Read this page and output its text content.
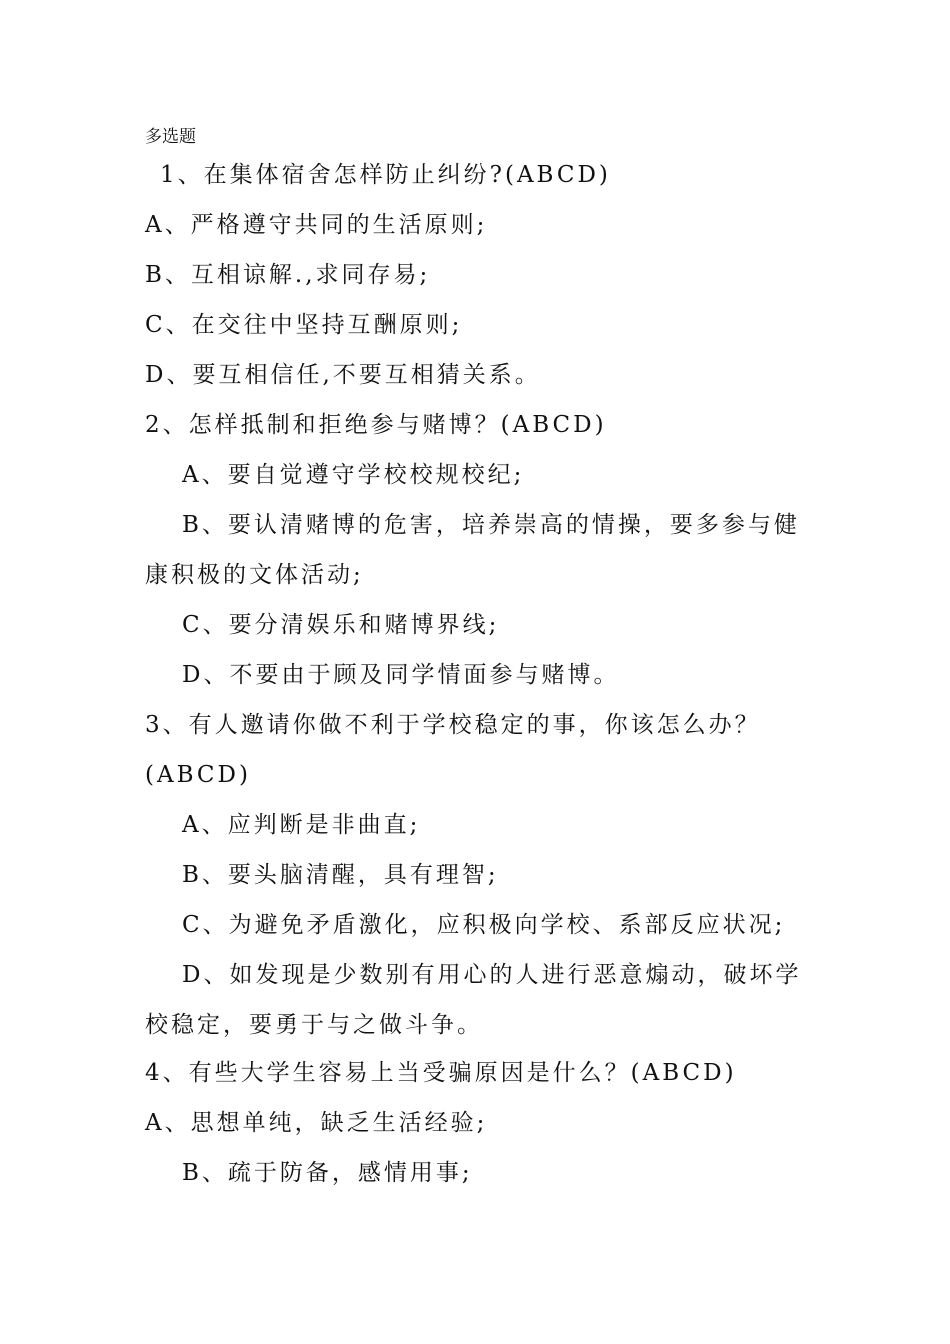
多选题
1、在集体宿舍怎样防止纠纷?(ABCD)
A、严格遵守共同的生活原则;
B、互相谅解.,求同存易;
C、在交往中坚持互酬原则;
D、要互相信任,不要互相猜关系。
2、怎样抵制和拒绝参与赌博？(ABCD)
A、要自觉遵守学校校规校纪;
B、要认清赌博的危害，培养崇高的情操，要多参与健
康积极的文体活动;
C、要分清娱乐和赌博界线;
D、不要由于顾及同学情面参与赌博。
3、有人邀请你做不利于学校稳定的事，你该怎么办？
(ABCD)
A、应判断是非曲直;
B、要头脑清醒，具有理智;
C、为避免矛盾激化，应积极向学校、系部反应状况;
D、如发现是少数别有用心的人进行恶意煽动，破坏学
校稳定，要勇于与之做斗争。
4、有些大学生容易上当受骗原因是什么？(ABCD)
A、思想单纯，缺乏生活经验;
B、疏于防备，感情用事;
